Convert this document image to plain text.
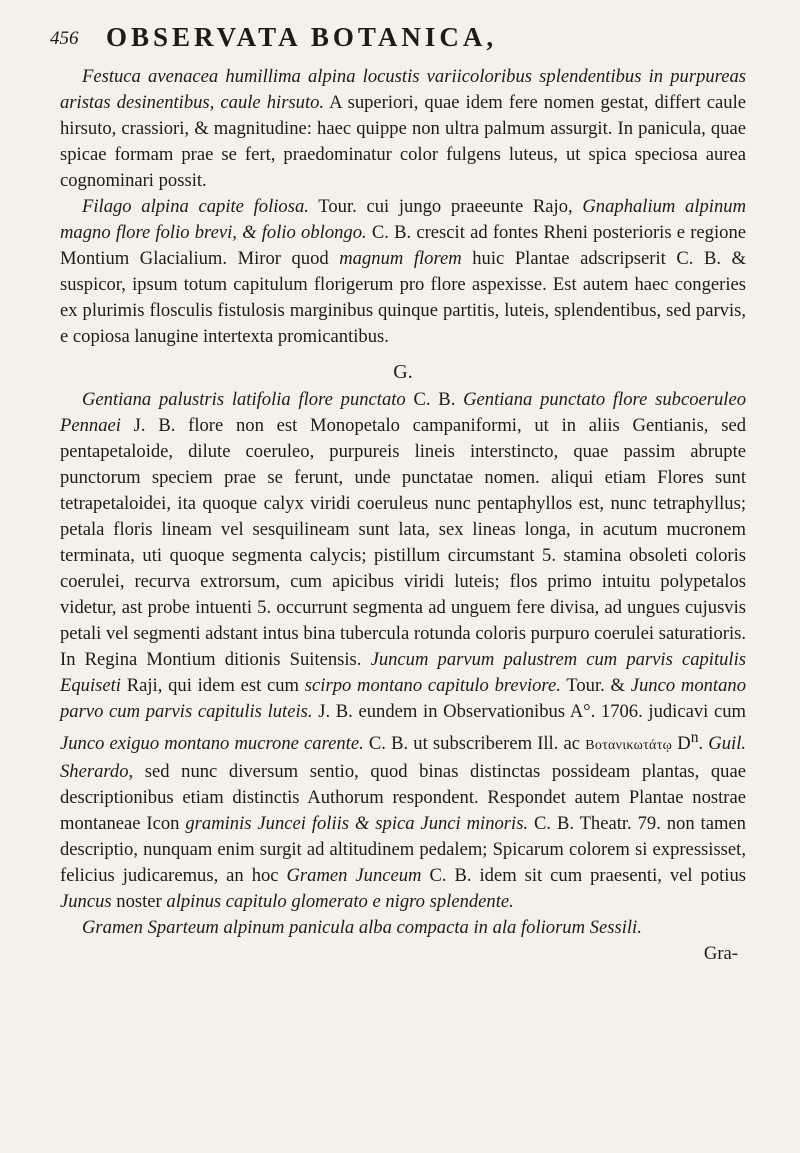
456 OBSERVATA BOTANICA,

Festuca avenacea humillima alpina locustis variicoloribus splendentibus in purpureas aristas desinentibus, caule hirsuto. A superiori, quae idem fere nomen gestat, differt caule hirsuto, crassiori, & magnitudine: haec quippe non ultra palmum assurgit. In panicula, quae spicae formam prae se fert, praedominatur color fulgens luteus, ut spica speciosa aurea cognominari possit.

Filago alpina capite foliosa. Tour. cui jungo praeeunte Rajo, Gnaphalium alpinum magno flore folio brevi, & folio oblongo. C. B. crescit ad fontes Rheni posterioris e regione Montium Glacialium. Miror quod magnum florem huic Plantae adscripserit C. B. & suspicor, ipsum totum capitulum florigerum pro flore aspexisse. Est autem haec congeries ex plurimis flosculis fistulosis marginibus quinque partitis, luteis, splendentibus, sed parvis, e copiosa lanugine intertexta promicantibus.

G.

Gentiana palustris latifolia flore punctato C. B. Gentiana punctato flore subcoeruleo Pennaei J. B. flore non est Monopetalo campaniformi, ut in aliis Gentianis, sed pentapetaloide, dilute coeruleo, purpureis lineis interstincto, quae passim abrupte punctorum speciem prae se ferunt, unde punctatae nomen. aliqui etiam Flores sunt tetrapetaloidei, ita quoque calyx viridi coeruleus nunc pentaphyllos est, nunc tetraphyllus; petala floris lineam vel sesquilineam sunt lata, sex lineas longa, in acutum mucronem terminata, uti quoque segmenta calycis; pistillum circumstant 5. stamina obsoleti coloris coerulei, recurva extrorsum, cum apicibus viridi luteis; flos primo intuitu polypetalos videtur, ast probe intuenti 5. occurrunt segmenta ad unguem fere divisa, ad ungues cujusvis petali vel segmenti adstant intus bina tubercula rotunda coloris purpuro coerulei saturatioris. In Regina Montium ditionis Suitensis. Juncum parvum palustrem cum parvis capitulis Equiseti Raji, qui idem est cum scirpo montano capitulo breviore. Tour. & Junco montano parvo cum parvis capitulis luteis. J. B. eundem in Observationibus A°. 1706. judicavi cum Junco exiguo montano mucrone carente. C. B. ut subscriberem Ill. ac Βοτανικωτάτῳ $D^n$. Guil. Sherardo, sed nunc diversum sentio, quod binas distinctas possideam plantas, quae descriptionibus etiam distinctis Authorum respondent. Respondet autem Plantae nostrae montaneae Icon graminis Juncei foliis & spica Junci minoris. C. B. Theatr. 79. non tamen descriptio, nunquam enim surgit ad altitudinem pedalem; Spicarum colorem si expressisset, felicius judicaremus, an hoc Gramen Junceum C. B. idem sit cum praesenti, vel potius Juncus noster alpinus capitulo glomerato e nigro splendente.

Gramen Sparteum alpinum panicula alba compacta in ala foliorum Sessili.

Gra-
